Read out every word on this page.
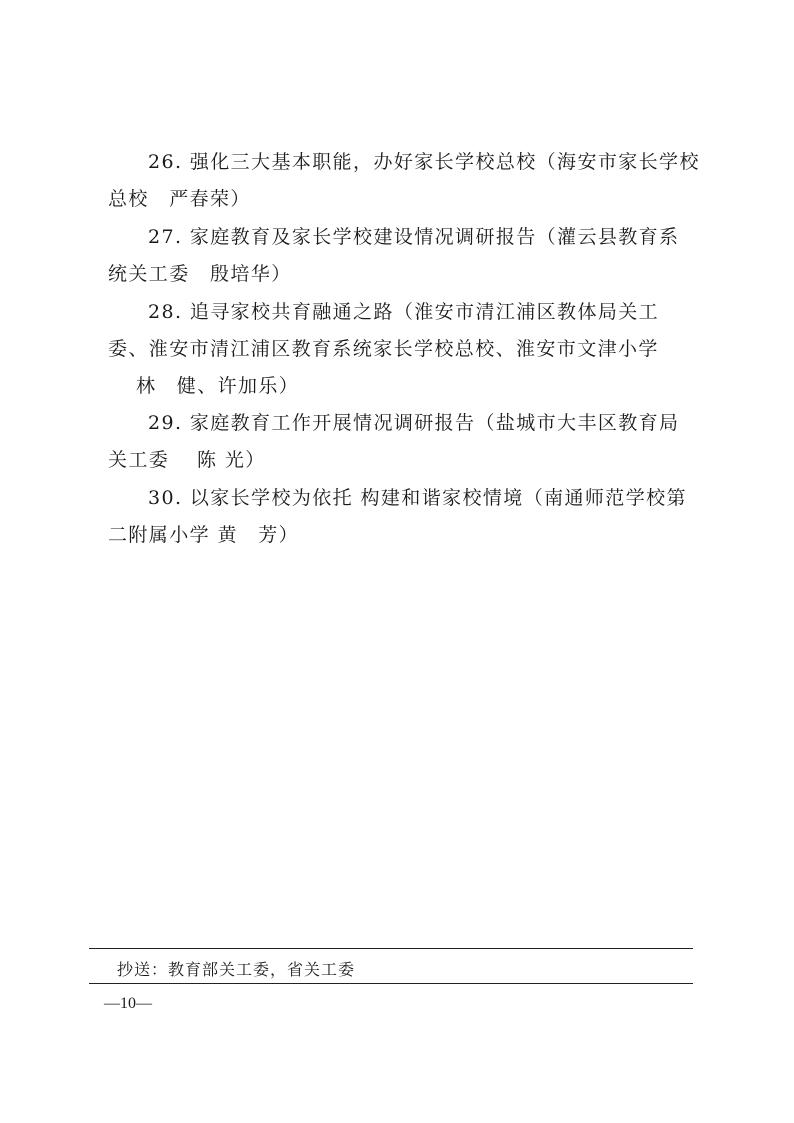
26. 强化三大基本职能，办好家长学校总校（海安市家长学校
总校　严春荣）
27. 家庭教育及家长学校建设情况调研报告（灌云县教育系
统关工委　殷培华）
28. 追寻家校共育融通之路（淮安市清江浦区教体局关工
委、淮安市清江浦区教育系统家长学校总校、淮安市文津小学
林　健、许加乐）
29. 家庭教育工作开展情况调研报告（盐城市大丰区教育局
关工委　 陈 光）
30. 以家长学校为依托 构建和谐家校情境（南通师范学校第
二附属小学 黄　芳）
抄送：教育部关工委，省关工委
—10—
